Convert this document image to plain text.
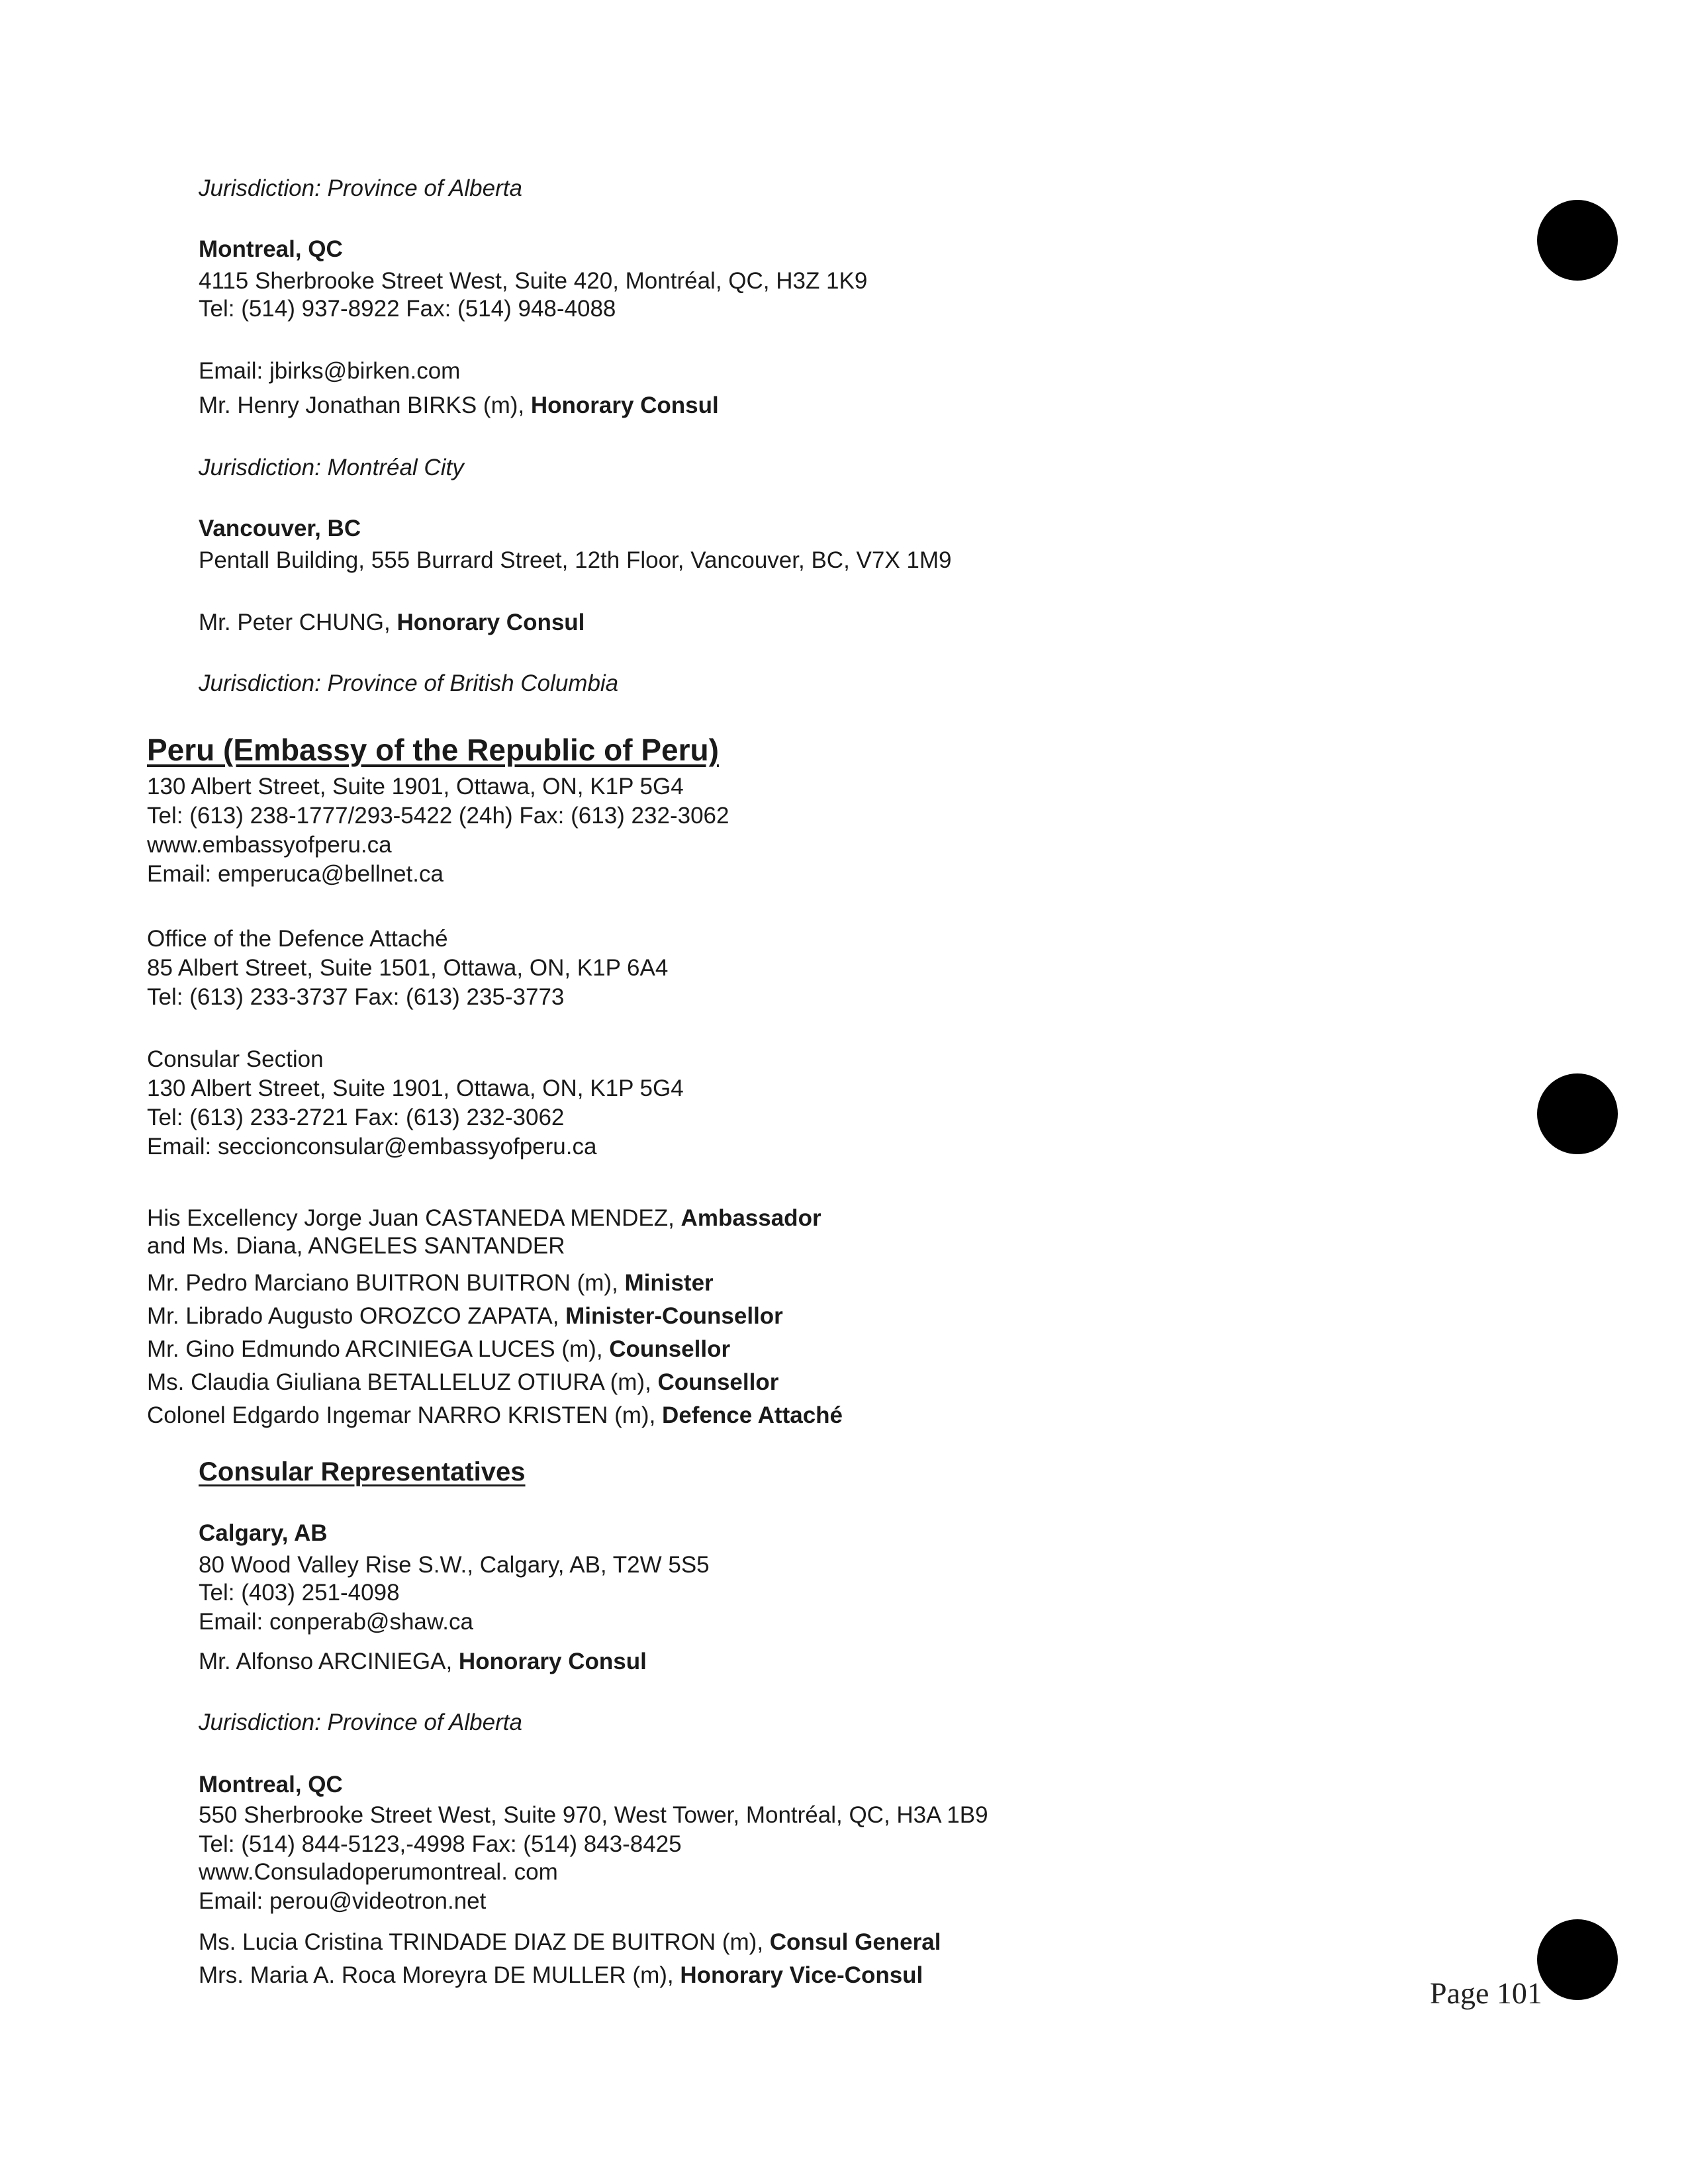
Jurisdiction: Province of Alberta
Montreal, QC
4115 Sherbrooke Street West, Suite 420, Montréal, QC, H3Z 1K9
Tel: (514) 937-8922 Fax: (514) 948-4088
Email: jbirks@birken.com
Mr. Henry Jonathan BIRKS (m), Honorary Consul
Jurisdiction: Montréal City
Vancouver, BC
Pentall Building, 555 Burrard Street, 12th Floor, Vancouver, BC, V7X 1M9
Mr. Peter CHUNG, Honorary Consul
Jurisdiction: Province of British Columbia
Peru (Embassy of the Republic of Peru)
130 Albert Street, Suite 1901, Ottawa, ON, K1P 5G4
Tel: (613) 238-1777/293-5422 (24h) Fax: (613) 232-3062
www.embassyofperu.ca
Email: emperuca@bellnet.ca
Office of the Defence Attaché
85 Albert Street, Suite 1501, Ottawa, ON, K1P 6A4
Tel: (613) 233-3737 Fax: (613) 235-3773
Consular Section
130 Albert Street, Suite 1901, Ottawa, ON, K1P 5G4
Tel: (613) 233-2721 Fax: (613) 232-3062
Email: seccionconsular@embassyofperu.ca
His Excellency Jorge Juan CASTANEDA MENDEZ, Ambassador
and Ms. Diana, ANGELES SANTANDER
Mr. Pedro Marciano BUITRON BUITRON (m), Minister
Mr. Librado Augusto OROZCO ZAPATA, Minister-Counsellor
Mr. Gino Edmundo ARCINIEGA LUCES (m), Counsellor
Ms. Claudia Giuliana BETALLELUZ OTIURA (m), Counsellor
Colonel Edgardo Ingemar NARRO KRISTEN (m), Defence Attaché
Consular Representatives
Calgary, AB
80 Wood Valley Rise S.W., Calgary, AB, T2W 5S5
Tel: (403) 251-4098
Email: conperab@shaw.ca
Mr. Alfonso ARCINIEGA, Honorary Consul
Jurisdiction: Province of Alberta
Montreal, QC
550 Sherbrooke Street West, Suite 970, West Tower, Montréal, QC, H3A 1B9
Tel: (514) 844-5123,-4998 Fax: (514) 843-8425
www.Consuladoperumontreal. com
Email: perou@videotron.net
Ms. Lucia Cristina TRINDADE DIAZ DE BUITRON (m), Consul General
Mrs. Maria A. Roca Moreyra DE MULLER (m), Honorary Vice-Consul
Page 101
